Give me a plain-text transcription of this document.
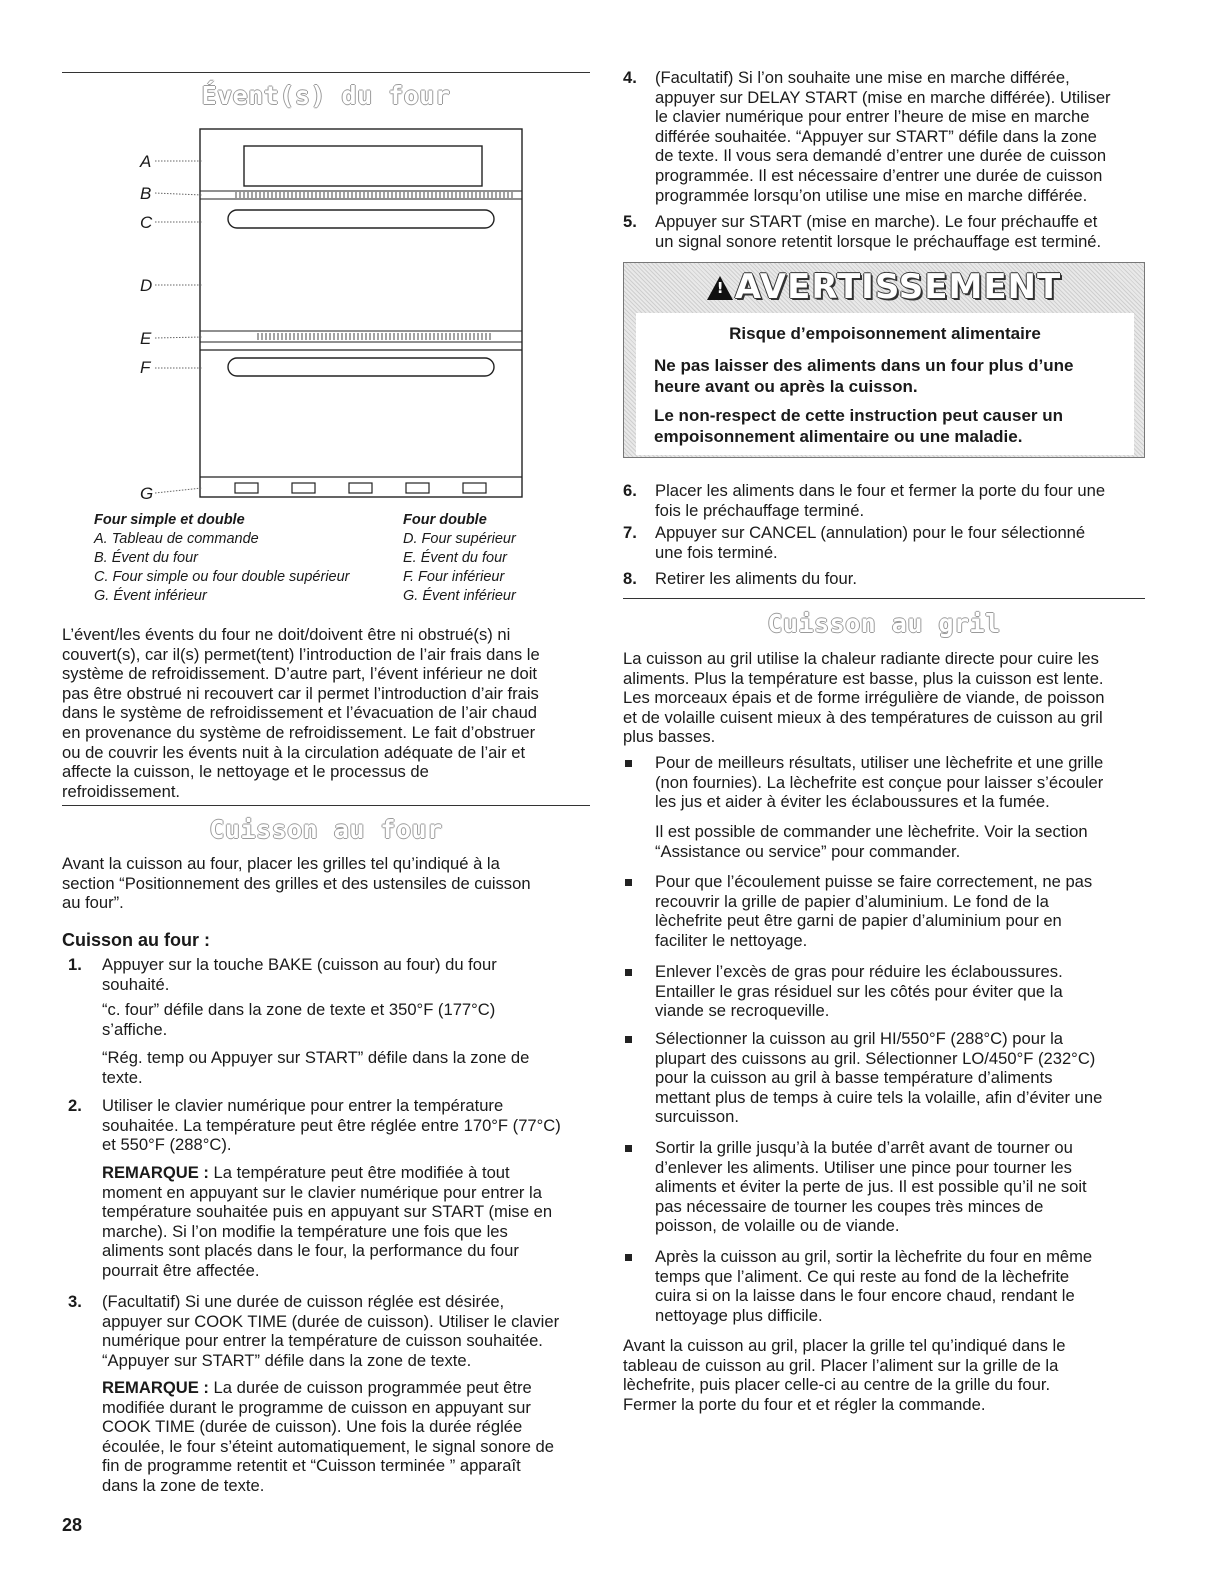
Évent(s) du four
A
B
C
D
E
F
G
Four simple et double
A. Tableau de commande
B. Évent du four
C. Four simple ou four double supérieur
G. Évent inférieur
Four double
D. Four supérieur
E. Évent du four
F. Four inférieur
G. Évent inférieur
L’évent/les évents du four ne doit/doivent être ni obstrué(s) ni
couvert(s), car il(s) permet(tent) l’introduction de l’air frais dans le
système de refroidissement. D’autre part, l’évent inférieur ne doit
pas être obstrué ni recouvert car il permet l’introduction d’air frais
dans le système de refroidissement et l’évacuation de l’air chaud
en provenance du système de refroidissement. Le fait d’obstruer
ou de couvrir les évents nuit à la circulation adéquate de l’air et
affecte la cuisson, le nettoyage et le processus de
refroidissement.
Cuisson au four
Avant la cuisson au four, placer les grilles tel qu’indiqué à la
section “Positionnement des grilles et des ustensiles de cuisson
au four”.
Cuisson au four :
1. Appuyer sur la touche BAKE (cuisson au four) du four
souhaité.
“c. four” défile dans la zone de texte et 350°F (177°C)
s’affiche.
“Rég. temp ou Appuyer sur START” défile dans la zone de
texte.
2. Utiliser le clavier numérique pour entrer la température
souhaitée. La température peut être réglée entre 170°F (77°C)
et 550°F (288°C).
REMARQUE : La température peut être modifiée à tout
moment en appuyant sur le clavier numérique pour entrer la
température souhaitée puis en appuyant sur START (mise en
marche). Si l’on modifie la température une fois que les
aliments sont placés dans le four, la performance du four
pourrait être affectée.
3. (Facultatif) Si une durée de cuisson réglée est désirée,
appuyer sur COOK TIME (durée de cuisson). Utiliser le clavier
numérique pour entrer la température de cuisson souhaitée.
“Appuyer sur START” défile dans la zone de texte.
REMARQUE : La durée de cuisson programmée peut être
modifiée durant le programme de cuisson en appuyant sur
COOK TIME (durée de cuisson). Une fois la durée réglée
écoulée, le four s’éteint automatiquement, le signal sonore de
fin de programme retentit et “Cuisson terminée ” apparaît
dans la zone de texte.
28
4. (Facultatif) Si l’on souhaite une mise en marche différée,
appuyer sur DELAY START (mise en marche différée). Utiliser
le clavier numérique pour entrer l’heure de mise en marche
différée souhaitée. “Appuyer sur START” défile dans la zone
de texte. Il vous sera demandé d’entrer une durée de cuisson
programmée. Il est nécessaire d’entrer une durée de cuisson
programmée lorsqu’on utilise une mise en marche différée.
5. Appuyer sur START (mise en marche). Le four préchauffe et
un signal sonore retentit lorsque le préchauffage est terminé.
!AVERTISSEMENT
Risque d’empoisonnement alimentaire
Ne pas laisser des aliments dans un four plus d’une
heure avant ou après la cuisson.
Le non-respect de cette instruction peut causer un
empoisonnement alimentaire ou une maladie.
6. Placer les aliments dans le four et fermer la porte du four une
fois le préchauffage terminé.
7. Appuyer sur CANCEL (annulation) pour le four sélectionné
une fois terminé.
8. Retirer les aliments du four.
Cuisson au gril
La cuisson au gril utilise la chaleur radiante directe pour cuire les
aliments. Plus la température est basse, plus la cuisson est lente.
Les morceaux épais et de forme irrégulière de viande, de poisson
et de volaille cuisent mieux à des températures de cuisson au gril
plus basses.
Pour de meilleurs résultats, utiliser une lèchefrite et une grille
(non fournies). La lèchefrite est conçue pour laisser s’écouler
les jus et aider à éviter les éclaboussures et la fumée.
Il est possible de commander une lèchefrite. Voir la section
“Assistance ou service” pour commander.
Pour que l’écoulement puisse se faire correctement, ne pas
recouvrir la grille de papier d’aluminium. Le fond de la
lèchefrite peut être garni de papier d’aluminium pour en
faciliter le nettoyage.
Enlever l’excès de gras pour réduire les éclaboussures.
Entailler le gras résiduel sur les côtés pour éviter que la
viande se recroqueville.
Sélectionner la cuisson au gril HI/550°F (288°C) pour la
plupart des cuissons au gril. Sélectionner LO/450°F (232°C)
pour la cuisson au gril à basse température d’aliments
mettant plus de temps à cuire tels la volaille, afin d’éviter une
surcuisson.
Sortir la grille jusqu’à la butée d’arrêt avant de tourner ou
d’enlever les aliments. Utiliser une pince pour tourner les
aliments et éviter la perte de jus. Il est possible qu’il ne soit
pas nécessaire de tourner les coupes très minces de
poisson, de volaille ou de viande.
Après la cuisson au gril, sortir la lèchefrite du four en même
temps que l’aliment. Ce qui reste au fond de la lèchefrite
cuira si on la laisse dans le four encore chaud, rendant le
nettoyage plus difficile.
Avant la cuisson au gril, placer la grille tel qu’indiqué dans le
tableau de cuisson au gril. Placer l’aliment sur la grille de la
lèchefrite, puis placer celle-ci au centre de la grille du four.
Fermer la porte du four et et régler la commande.
